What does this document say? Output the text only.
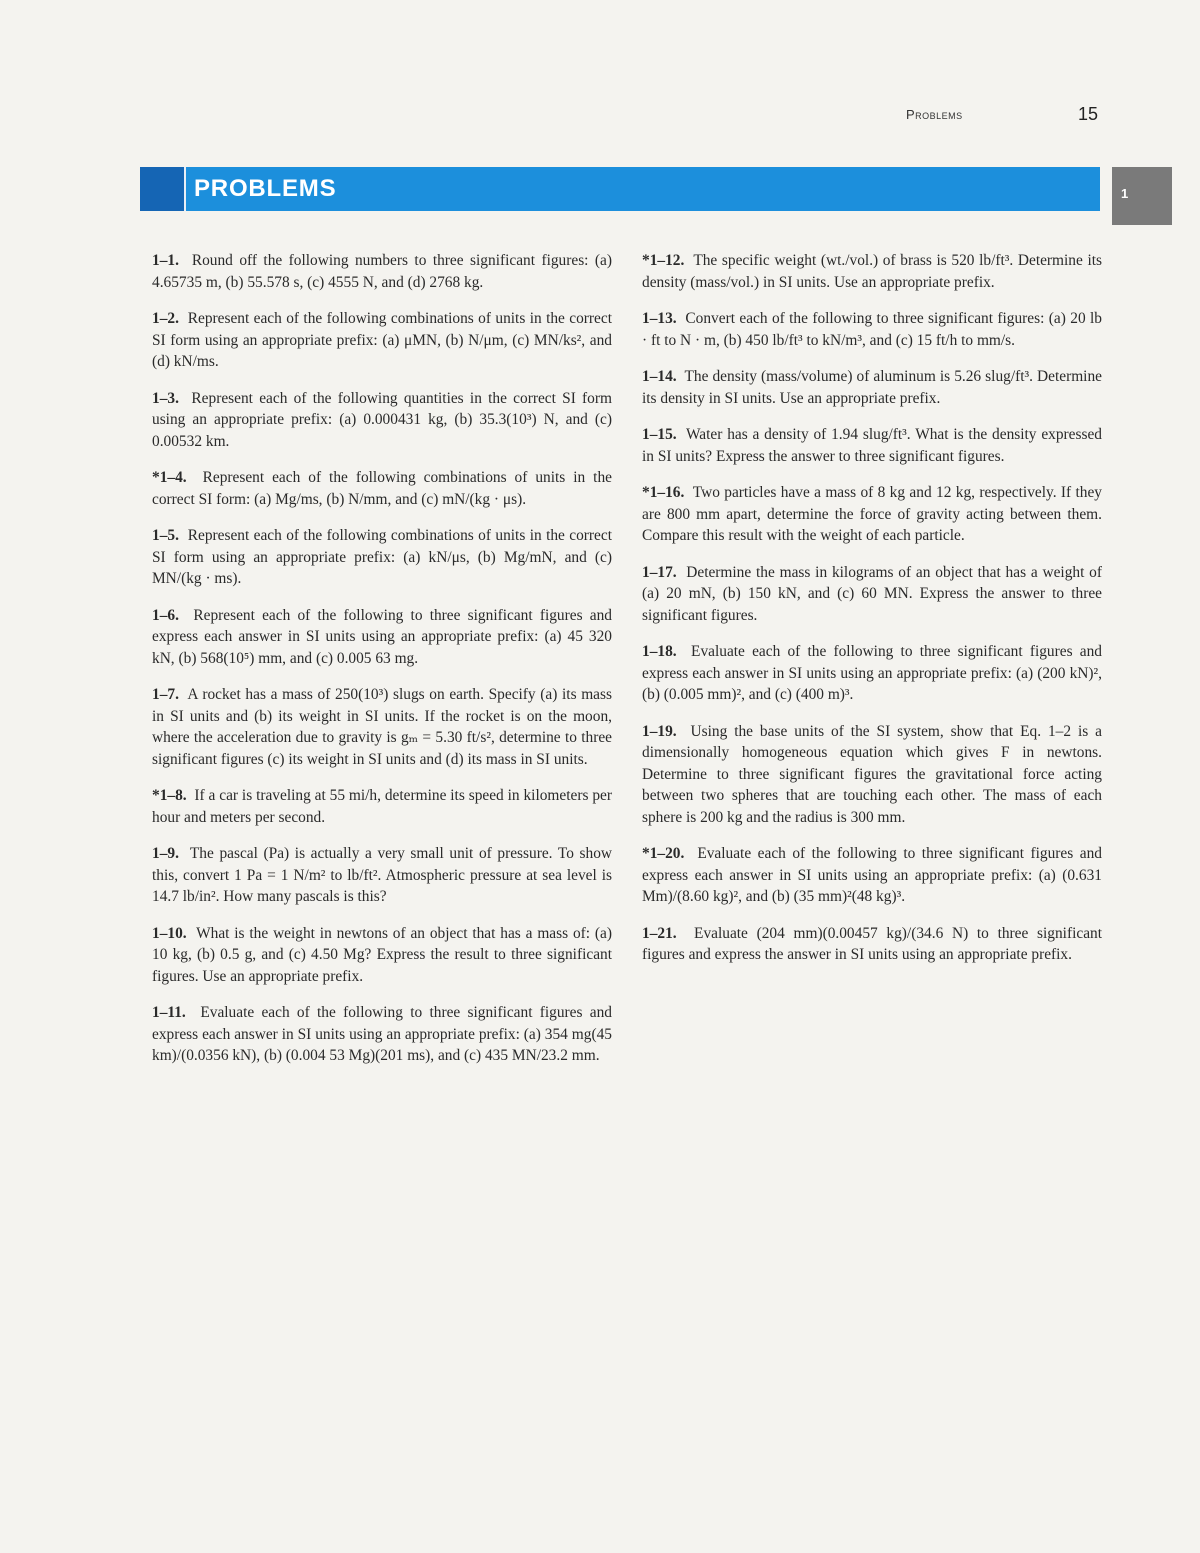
Problems	15
PROBLEMS	1

1–1. Round off the following numbers to three significant figures: (a) 4.65735 m, (b) 55.578 s, (c) 4555 N, and (d) 2768 kg.

1–2. Represent each of the following combinations of units in the correct SI form using an appropriate prefix: (a) μMN, (b) N/μm, (c) MN/ks², and (d) kN/ms.

1–3. Represent each of the following quantities in the correct SI form using an appropriate prefix: (a) 0.000431 kg, (b) 35.3(10³) N, and (c) 0.00532 km.

*1–4. Represent each of the following combinations of units in the correct SI form: (a) Mg/ms, (b) N/mm, and (c) mN/(kg · μs).

1–5. Represent each of the following combinations of units in the correct SI form using an appropriate prefix: (a) kN/μs, (b) Mg/mN, and (c) MN/(kg · ms).

1–6. Represent each of the following to three significant figures and express each answer in SI units using an appropriate prefix: (a) 45 320 kN, (b) 568(10⁵) mm, and (c) 0.005 63 mg.

1–7. A rocket has a mass of 250(10³) slugs on earth. Specify (a) its mass in SI units and (b) its weight in SI units. If the rocket is on the moon, where the acceleration due to gravity is gₘ = 5.30 ft/s², determine to three significant figures (c) its weight in SI units and (d) its mass in SI units.

*1–8. If a car is traveling at 55 mi/h, determine its speed in kilometers per hour and meters per second.

1–9. The pascal (Pa) is actually a very small unit of pressure. To show this, convert 1 Pa = 1 N/m² to lb/ft². Atmospheric pressure at sea level is 14.7 lb/in². How many pascals is this?

1–10. What is the weight in newtons of an object that has a mass of: (a) 10 kg, (b) 0.5 g, and (c) 4.50 Mg? Express the result to three significant figures. Use an appropriate prefix.

1–11. Evaluate each of the following to three significant figures and express each answer in SI units using an appropriate prefix: (a) 354 mg(45 km)/(0.0356 kN), (b) (0.004 53 Mg)(201 ms), and (c) 435 MN/23.2 mm.

*1–12. The specific weight (wt./vol.) of brass is 520 lb/ft³. Determine its density (mass/vol.) in SI units. Use an appropriate prefix.

1–13. Convert each of the following to three significant figures: (a) 20 lb · ft to N · m, (b) 450 lb/ft³ to kN/m³, and (c) 15 ft/h to mm/s.

1–14. The density (mass/volume) of aluminum is 5.26 slug/ft³. Determine its density in SI units. Use an appropriate prefix.

1–15. Water has a density of 1.94 slug/ft³. What is the density expressed in SI units? Express the answer to three significant figures.

*1–16. Two particles have a mass of 8 kg and 12 kg, respectively. If they are 800 mm apart, determine the force of gravity acting between them. Compare this result with the weight of each particle.

1–17. Determine the mass in kilograms of an object that has a weight of (a) 20 mN, (b) 150 kN, and (c) 60 MN. Express the answer to three significant figures.

1–18. Evaluate each of the following to three significant figures and express each answer in SI units using an appropriate prefix: (a) (200 kN)², (b) (0.005 mm)², and (c) (400 m)³.

1–19. Using the base units of the SI system, show that Eq. 1–2 is a dimensionally homogeneous equation which gives F in newtons. Determine to three significant figures the gravitational force acting between two spheres that are touching each other. The mass of each sphere is 200 kg and the radius is 300 mm.

*1–20. Evaluate each of the following to three significant figures and express each answer in SI units using an appropriate prefix: (a) (0.631 Mm)/(8.60 kg)², and (b) (35 mm)²(48 kg)³.

1–21. Evaluate (204 mm)(0.00457 kg)/(34.6 N) to three significant figures and express the answer in SI units using an appropriate prefix.
